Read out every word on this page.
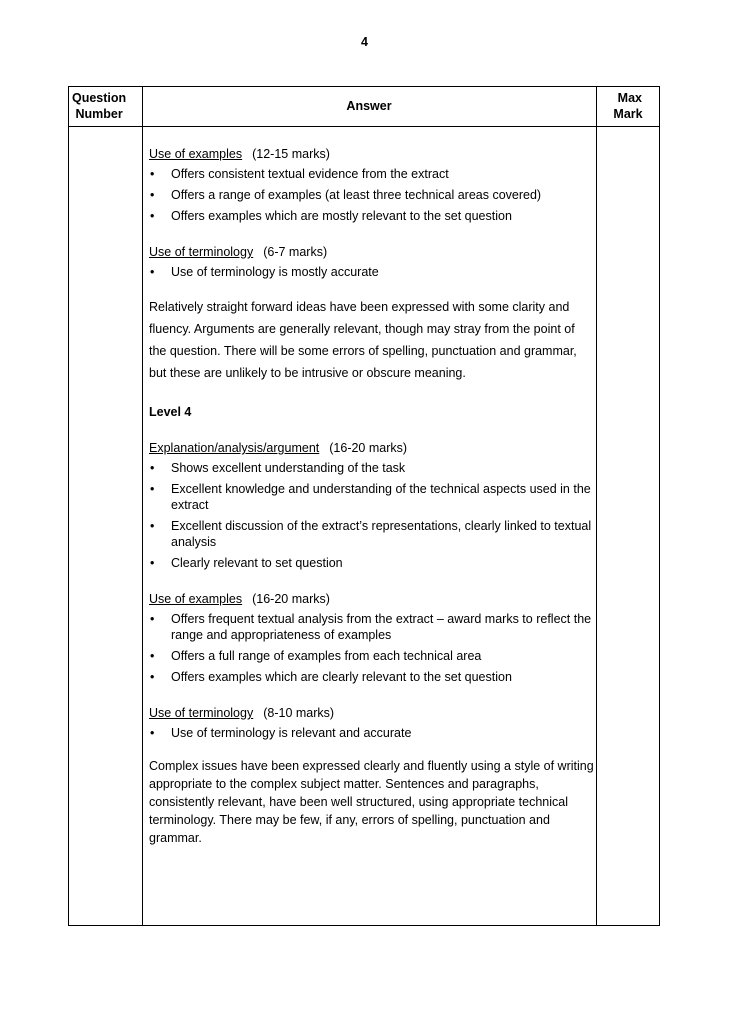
4
Question
Number
Answer
Max
Mark
Use of examples (12-15 marks)
• Offers consistent textual evidence from the extract
• Offers a range of examples (at least three technical areas covered)
• Offers examples which are mostly relevant to the set question
Use of terminology (6-7 marks)
• Use of terminology is mostly accurate
Relatively straight forward ideas have been expressed with some clarity and fluency. Arguments are generally relevant, though may stray from the point of the question. There will be some errors of spelling, punctuation and grammar, but these are unlikely to be intrusive or obscure meaning.
Level 4
Explanation/analysis/argument (16-20 marks)
• Shows excellent understanding of the task
• Excellent knowledge and understanding of the technical aspects used in the extract
• Excellent discussion of the extract’s representations, clearly linked to textual analysis
• Clearly relevant to set question
Use of examples (16-20 marks)
• Offers frequent textual analysis from the extract – award marks to reflect the range and appropriateness of examples
• Offers a full range of examples from each technical area
• Offers examples which are clearly relevant to the set question
Use of terminology (8-10 marks)
• Use of terminology is relevant and accurate
Complex issues have been expressed clearly and fluently using a style of writing appropriate to the complex subject matter. Sentences and paragraphs, consistently relevant, have been well structured, using appropriate technical terminology. There may be few, if any, errors of spelling, punctuation and grammar.
